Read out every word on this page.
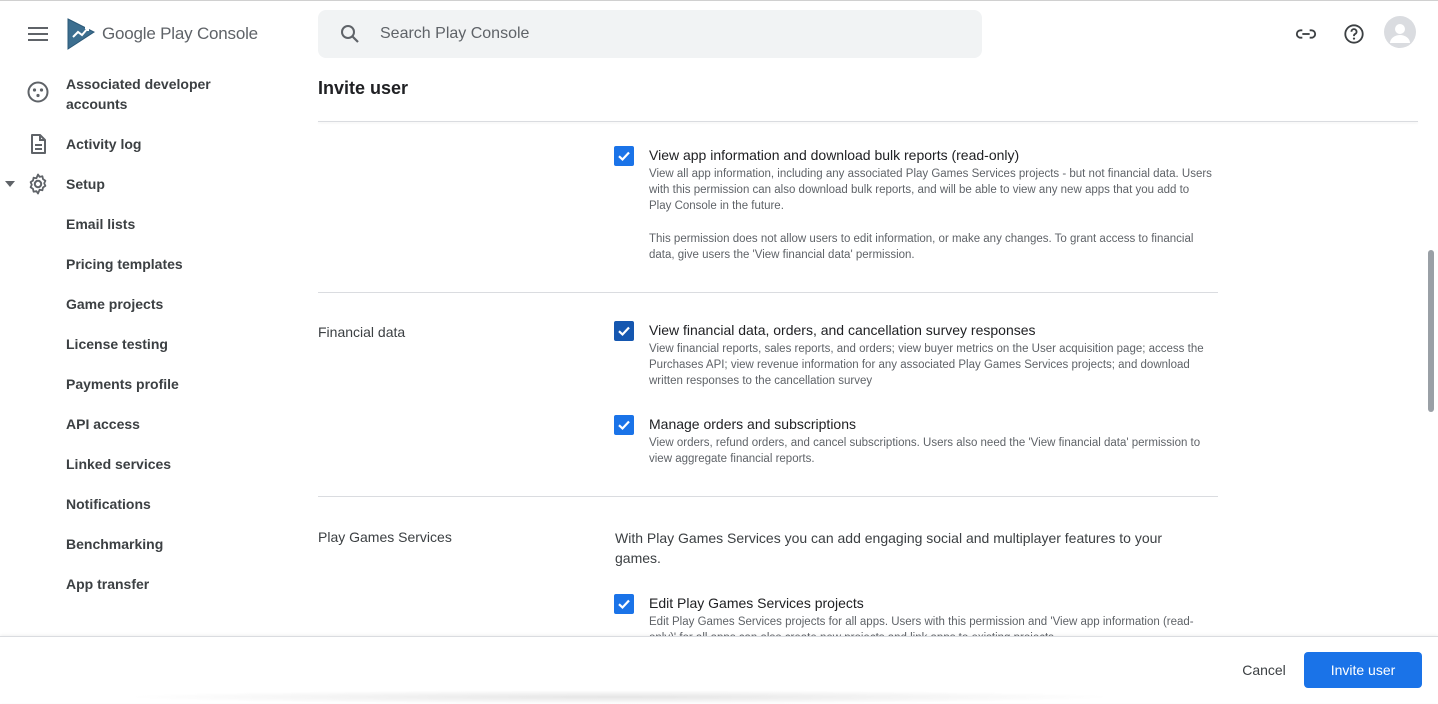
Google Play Console
Search Play Console
Associated developer
accounts
Activity log
Setup
Email lists
Pricing templates
Game projects
License testing
Payments profile
API access
Linked services
Notifications
Benchmarking
App transfer
Invite user
View app information and download bulk reports (read-only)
View all app information, including any associated Play Games Services projects - but not financial data. Users with this permission can also download bulk reports, and will be able to view any new apps that you add to Play Console in the future.
This permission does not allow users to edit information, or make any changes. To grant access to financial data, give users the 'View financial data' permission.
Financial data	View financial data, orders, and cancellation survey responses
View financial reports, sales reports, and orders; view buyer metrics on the User acquisition page; access the Purchases API; view revenue information for any associated Play Games Services projects; and download written responses to the cancellation survey
Manage orders and subscriptions
View orders, refund orders, and cancel subscriptions. Users also need the 'View financial data' permission to view aggregate financial reports.
Play Games Services	With Play Games Services you can add engaging social and multiplayer features to your games.
Edit Play Games Services projects
Edit Play Games Services projects for all apps. Users with this permission and 'View app information (read-
Cancel	Invite user
